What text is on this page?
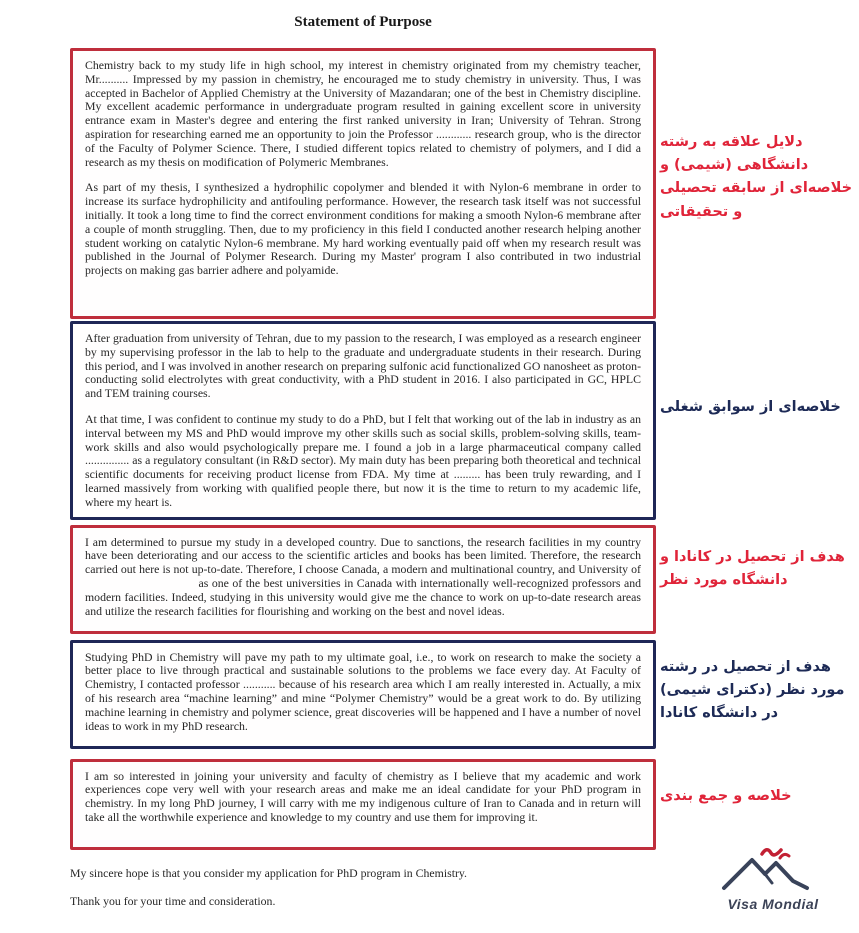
Statement of Purpose

Chemistry back to my study life in high school, my interest in chemistry originated from my chemistry teacher, Mr.......... Impressed by my passion in chemistry, he encouraged me to study chemistry in university. Thus, I was accepted in Bachelor of Applied Chemistry at the University of Mazandaran; one of the best in Chemistry discipline. My excellent academic performance in undergraduate program resulted in gaining excellent score in university entrance exam in Master's degree and entering the first ranked university in Iran; University of Tehran. Strong aspiration for researching earned me an opportunity to join the Professor ............ research group, who is the director of the Faculty of Polymer Science. There, I studied different topics related to chemistry of polymers, and I did a research as my thesis on modification of Polymeric Membranes.

As part of my thesis, I synthesized a hydrophilic copolymer and blended it with Nylon-6 membrane in order to increase its surface hydrophilicity and antifouling performance. However, the research task itself was not successful initially. It took a long time to find the correct environment conditions for making a smooth Nylon-6 membrane after a couple of month struggling. Then, due to my proficiency in this field I conducted another research helping another student working on catalytic Nylon-6 membrane. My hard working eventually paid off when my research result was published in the Journal of Polymer Research. During my Master' program I also contributed in two industrial projects on making gas barrier adhere and polyamide.

After graduation from university of Tehran, due to my passion to the research, I was employed as a research engineer by my supervising professor in the lab to help to the graduate and undergraduate students in their research. During this period, and I was involved in another research on preparing sulfonic acid functionalized GO nanosheet as proton-conducting solid electrolytes with great conductivity, with a PhD student in 2016. I also participated in GC, HPLC and TEM training courses.

At that time, I was confident to continue my study to do a PhD, but I felt that working out of the lab in industry as an interval between my MS and PhD would improve my other skills such as social skills, problem-solving skills, team-work skills and also would psychologically prepare me. I found a job in a large pharmaceutical company called ............... as a regulatory consultant (in R&D sector). My main duty has been preparing both theoretical and technical scientific documents for receiving product license from FDA. My time at ......... has been truly rewarding, and I learned massively from working with qualified people there, but now it is the time to return to my academic life, where my heart is.

I am determined to pursue my study in a developed country. Due to sanctions, the research facilities in my country have been deteriorating and our access to the scientific articles and books has been limited. Therefore, the research carried out here is not up-to-date. Therefore, I choose Canada, a modern and multinational country, and University of  as one of the best universities in Canada with internationally well-recognized professors and modern facilities. Indeed, studying in this university would give me the chance to work on up-to-date research areas and utilize the research facilities for flourishing and working on the best and novel ideas.

Studying PhD in Chemistry will pave my path to my ultimate goal, i.e., to work on research to make the society a better place to live through practical and sustainable solutions to the problems we face every day. At Faculty of Chemistry, I contacted professor ........... because of his research area which I am really interested in. Actually, a mix of his research area “machine learning” and mine “Polymer Chemistry” would be a great work to do. By utilizing machine learning in chemistry and polymer science, great discoveries will be happened and I have a number of novel ideas to work in my PhD research.

I am so interested in joining your university and faculty of chemistry as I believe that my academic and work experiences cope very well with your research areas and make me an ideal candidate for your PhD program in chemistry. In my long PhD journey, I will carry with me my indigenous culture of Iran to Canada and in return will take all the worthwhile experience and knowledge to my country and use them for improving it.

My sincere hope is that you consider my application for PhD program in Chemistry.

Thank you for your time and consideration.

دلایل علاقه به رشته دانشگاهی (شیمی) و خلاصه‌ای از سابقه تحصیلی و تحقیقاتی
خلاصه‌ای از سوابق شغلی
هدف از تحصیل در کانادا و دانشگاه مورد نظر
هدف از تحصیل در رشته مورد نظر (دکترای شیمی) در دانشگاه کانادا
خلاصه و جمع بندی
Visa Mondial
